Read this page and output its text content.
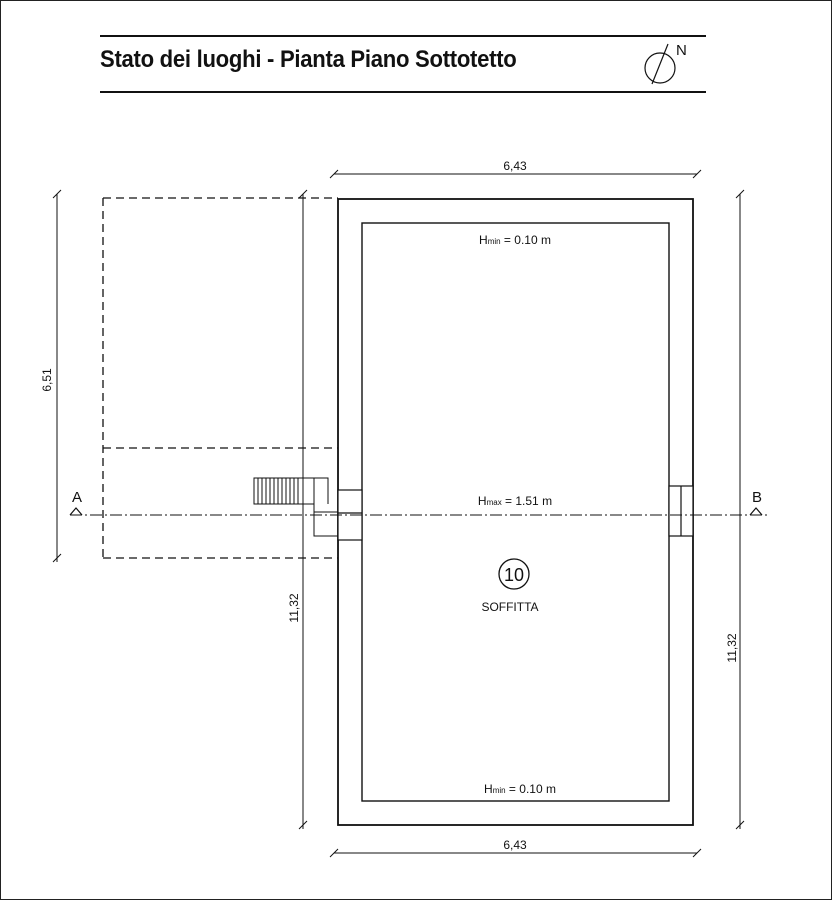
Stato dei luoghi - Pianta Piano Sottotetto	N
A	B
6,43
6,43
6,51
11,32
11,32
Hmin = 0.10 m
Hmax = 1.51 m
Hmin = 0.10 m
10
SOFFITTA
